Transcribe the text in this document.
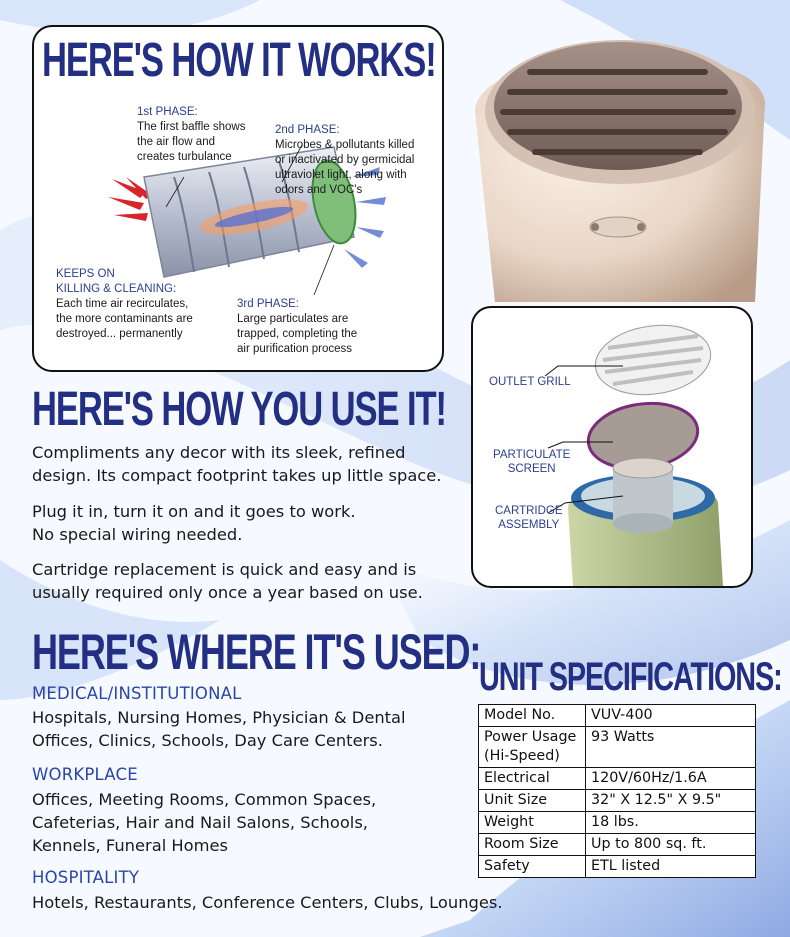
HERE'S HOW IT WORKS!
1st PHASE:
The first baffle shows
the air flow and
creates turbulance
2nd PHASE:
Microbes & pollutants killed
or inactivated by germicidal
ultraviolet light, along with
odors and VOC's
KEEPS ON
KILLING & CLEANING:
Each time air recirculates,
the more contaminants are
destroyed... permanently
3rd PHASE:
Large particulates are
trapped, completing the
air purification process
OUTLET GRILL
PARTICULATE
SCREEN
CARTRIDGE
ASSEMBLY
HERE'S HOW YOU USE IT!

Compliments any decor with its sleek, refined
design. Its compact footprint takes up little space.

Plug it in, turn it on and it goes to work.
No special wiring needed.

Cartridge replacement is quick and easy and is
usually required only once a year based on use.

HERE'S WHERE IT'S USED:
MEDICAL/INSTITUTIONAL

Hospitals, Nursing Homes, Physician & Dental
Offices, Clinics, Schools, Day Care Centers.

WORKPLACE

Offices, Meeting Rooms, Common Spaces,
Cafeterias, Hair and Nail Salons, Schools,
Kennels, Funeral Homes

HOSPITALITY

Hotels, Restaurants, Conference Centers, Clubs, Lounges.

UNIT SPECIFICATIONS:
Model No.	VUV-400

Power Usage
(Hi-Speed)	93 Watts
Electrical	120V/60Hz/1.6A
Unit Size	32" X 12.5" X 9.5"
Weight	18 lbs.
Room Size	Up to 800 sq. ft.
Safety	ETL listed
